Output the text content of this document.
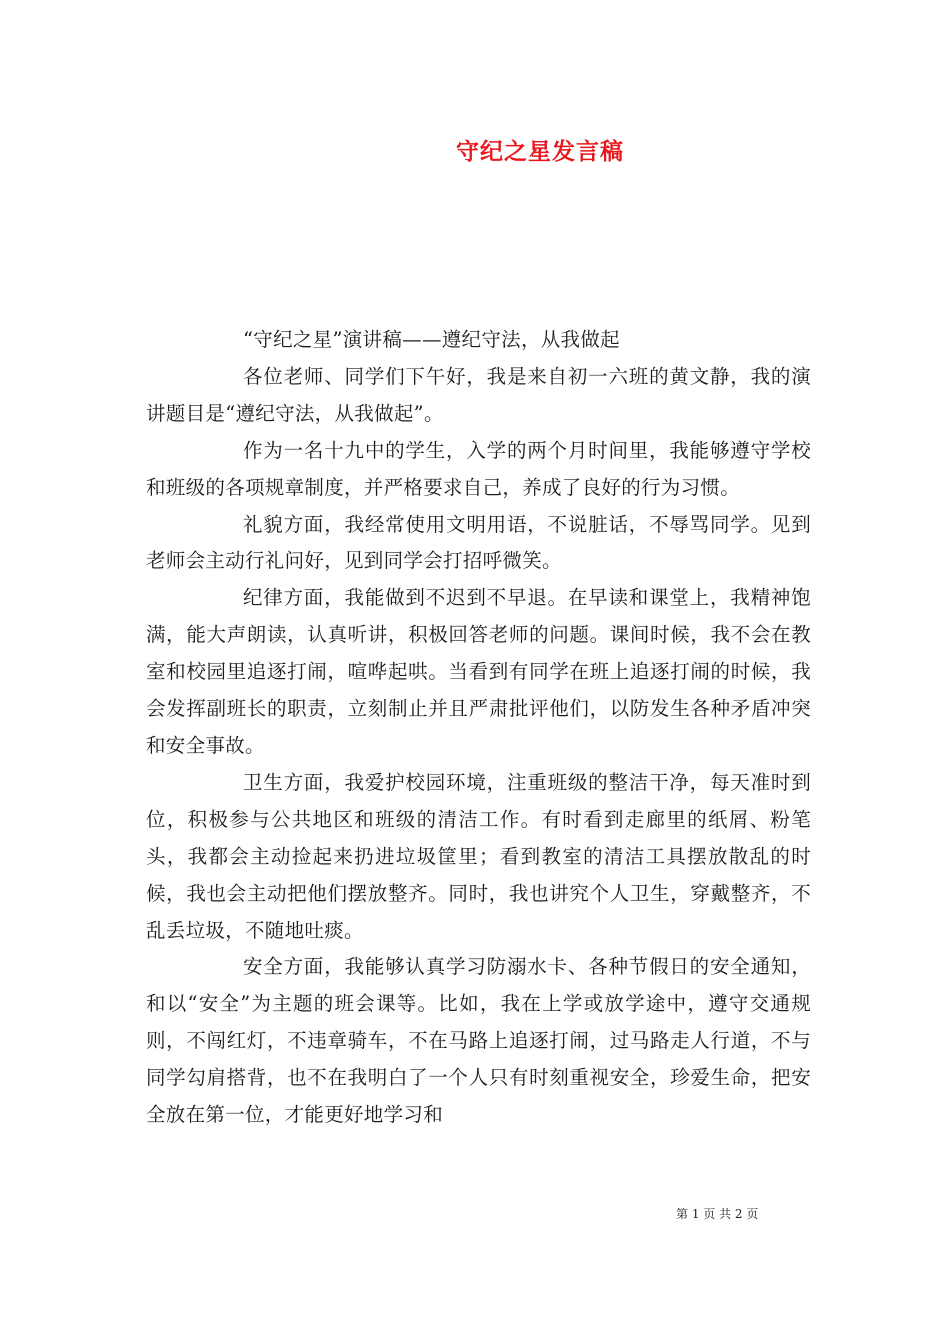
守纪之星发言稿

“守纪之星”演讲稿——遵纪守法，从我做起

各位老师、同学们下午好，我是来自初一六班的黄文静，我的演讲题目是“遵纪守法，从我做起”。

作为一名十九中的学生，入学的两个月时间里，我能够遵守学校和班级的各项规章制度，并严格要求自己，养成了良好的行为习惯。

礼貌方面，我经常使用文明用语，不说脏话，不辱骂同学。见到老师会主动行礼问好，见到同学会打招呼微笑。

纪律方面，我能做到不迟到不早退。在早读和课堂上，我精神饱满，能大声朗读，认真听讲，积极回答老师的问题。课间时候，我不会在教室和校园里追逐打闹，喧哗起哄。当看到有同学在班上追逐打闹的时候，我会发挥副班长的职责，立刻制止并且严肃批评他们，以防发生各种矛盾冲突和安全事故。

卫生方面，我爱护校园环境，注重班级的整洁干净，每天准时到位，积极参与公共地区和班级的清洁工作。有时看到走廊里的纸屑、粉笔头，我都会主动捡起来扔进垃圾筐里；看到教室的清洁工具摆放散乱的时候，我也会主动把他们摆放整齐。同时，我也讲究个人卫生，穿戴整齐，不乱丢垃圾，不随地吐痰。

安全方面，我能够认真学习防溺水卡、各种节假日的安全通知，和以“安全”为主题的班会课等。比如，我在上学或放学途中，遵守交通规则，不闯红灯，不违章骑车，不在马路上追逐打闹，过马路走人行道，不与同学勾肩搭背，也不在我明白了一个人只有时刻重视安全，珍爱生命，把安全放在第一位，才能更好地学习和

第 1 页 共 2 页
